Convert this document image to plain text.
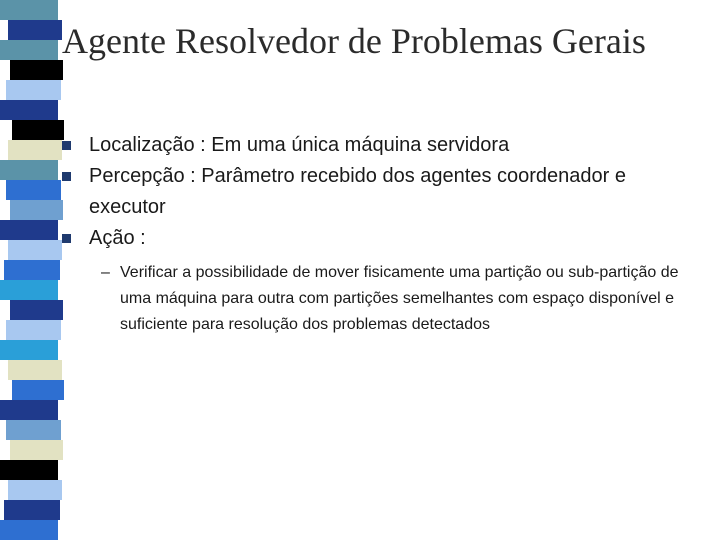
Agente Resolvedor de Problemas Gerais
Localização : Em uma única máquina servidora
Percepção : Parâmetro recebido dos agentes coordenador e executor
Ação :
– Verificar a possibilidade de mover fisicamente uma partição ou sub-partição de uma máquina para outra com partições semelhantes com espaço disponível e suficiente para resolução dos problemas detectados
